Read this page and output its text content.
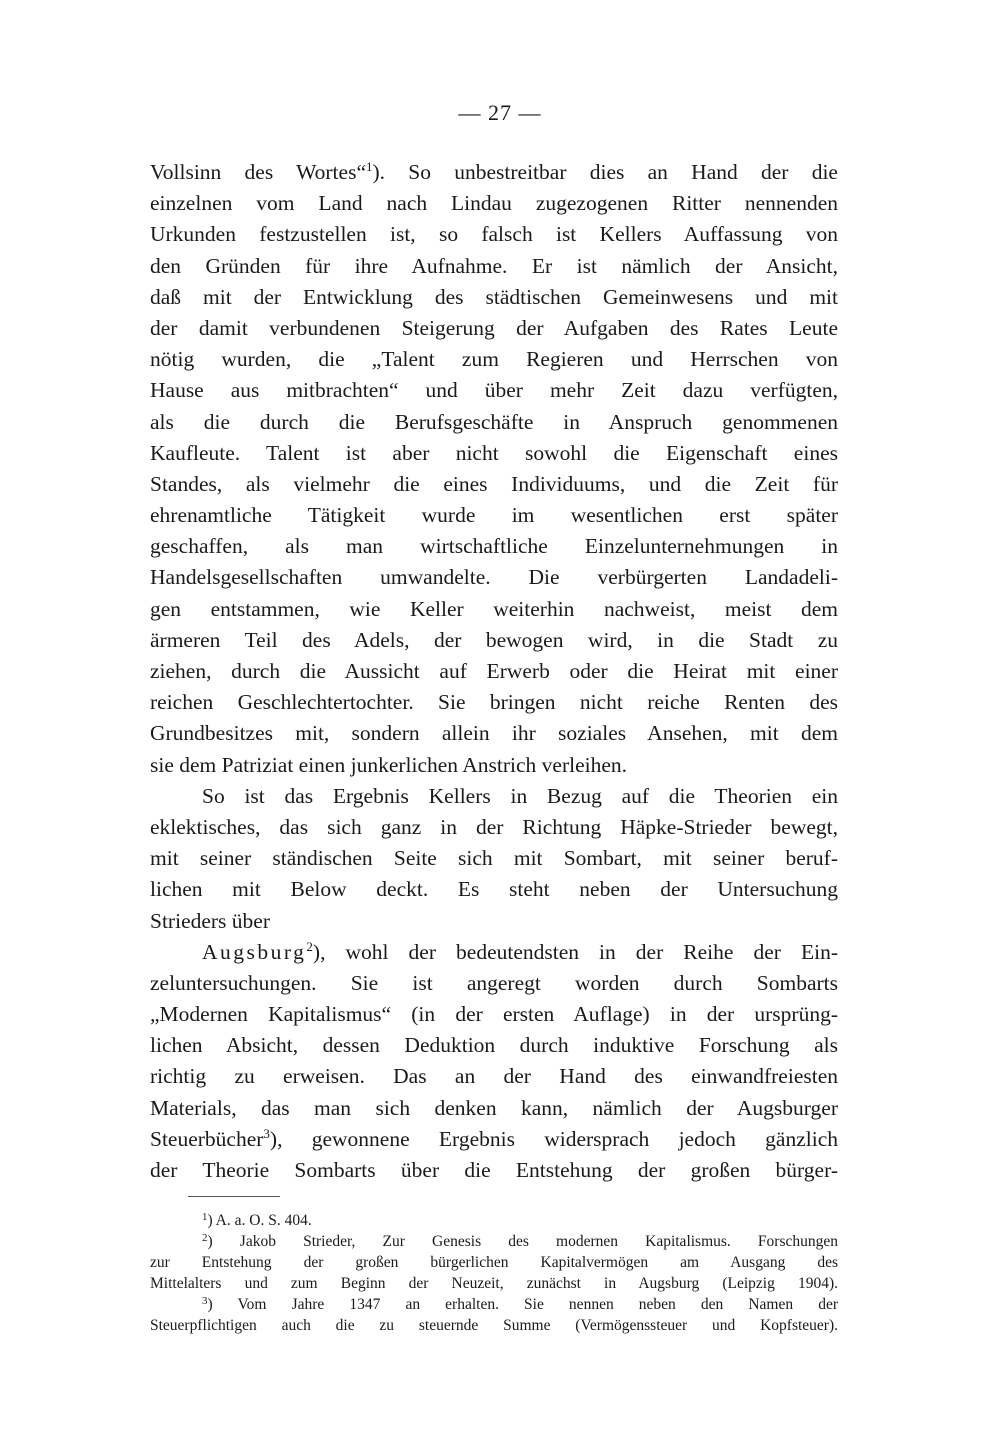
— 27 —
Vollsinn des Wortes“$^1$). So unbestreitbar dies an Hand der die
einzelnen vom Land nach Lindau zugezogenen Ritter nennenden
Urkunden festzustellen ist, so falsch ist Kellers Auffassung von
den Gründen für ihre Aufnahme. Er ist nämlich der Ansicht,
daß mit der Entwicklung des städtischen Gemeinwesens und mit
der damit verbundenen Steigerung der Aufgaben des Rates Leute
nötig wurden, die „Talent zum Regieren und Herrschen von
Hause aus mitbrachten“ und über mehr Zeit dazu verfügten,
als die durch die Berufsgeschäfte in Anspruch genommenen
Kaufleute. Talent ist aber nicht sowohl die Eigenschaft eines
Standes, als vielmehr die eines Individuums, und die Zeit für
ehrenamtliche Tätigkeit wurde im wesentlichen erst später
geschaffen, als man wirtschaftliche Einzelunternehmungen in
Handelsgesellschaften umwandelte. Die verbürgerten Landadeli-
gen entstammen, wie Keller weiterhin nachweist, meist dem
ärmeren Teil des Adels, der bewogen wird, in die Stadt zu
ziehen, durch die Aussicht auf Erwerb oder die Heirat mit einer
reichen Geschlechtertochter. Sie bringen nicht reiche Renten des
Grundbesitzes mit, sondern allein ihr soziales Ansehen, mit dem
sie dem Patriziat einen junkerlichen Anstrich verleihen.
So ist das Ergebnis Kellers in Bezug auf die Theorien ein
eklektisches, das sich ganz in der Richtung Häpke-Strieder bewegt,
mit seiner ständischen Seite sich mit Sombart, mit seiner beruf-
lichen mit Below deckt. Es steht neben der Untersuchung
Strieders über
Augsburg$^2$), wohl der bedeutendsten in der Reihe der Ein-
zeluntersuchungen. Sie ist angeregt worden durch Sombarts
„Modernen Kapitalismus“ (in der ersten Auflage) in der ursprüng-
lichen Absicht, dessen Deduktion durch induktive Forschung als
richtig zu erweisen. Das an der Hand des einwandfreiesten
Materials, das man sich denken kann, nämlich der Augsburger
Steuerbücher$^3$), gewonnene Ergebnis widersprach jedoch gänzlich
der Theorie Sombarts über die Entstehung der großen bürger-
$^1$) A. a. O. S. 404.
$^2$) Jakob Strieder, Zur Genesis des modernen Kapitalismus. Forschungen
zur Entstehung der großen bürgerlichen Kapitalvermögen am Ausgang des
Mittelalters und zum Beginn der Neuzeit, zunächst in Augsburg (Leipzig 1904).
$^3$) Vom Jahre 1347 an erhalten. Sie nennen neben den Namen der
Steuerpflichtigen auch die zu steuernde Summe (Vermögenssteuer und Kopfsteuer).
